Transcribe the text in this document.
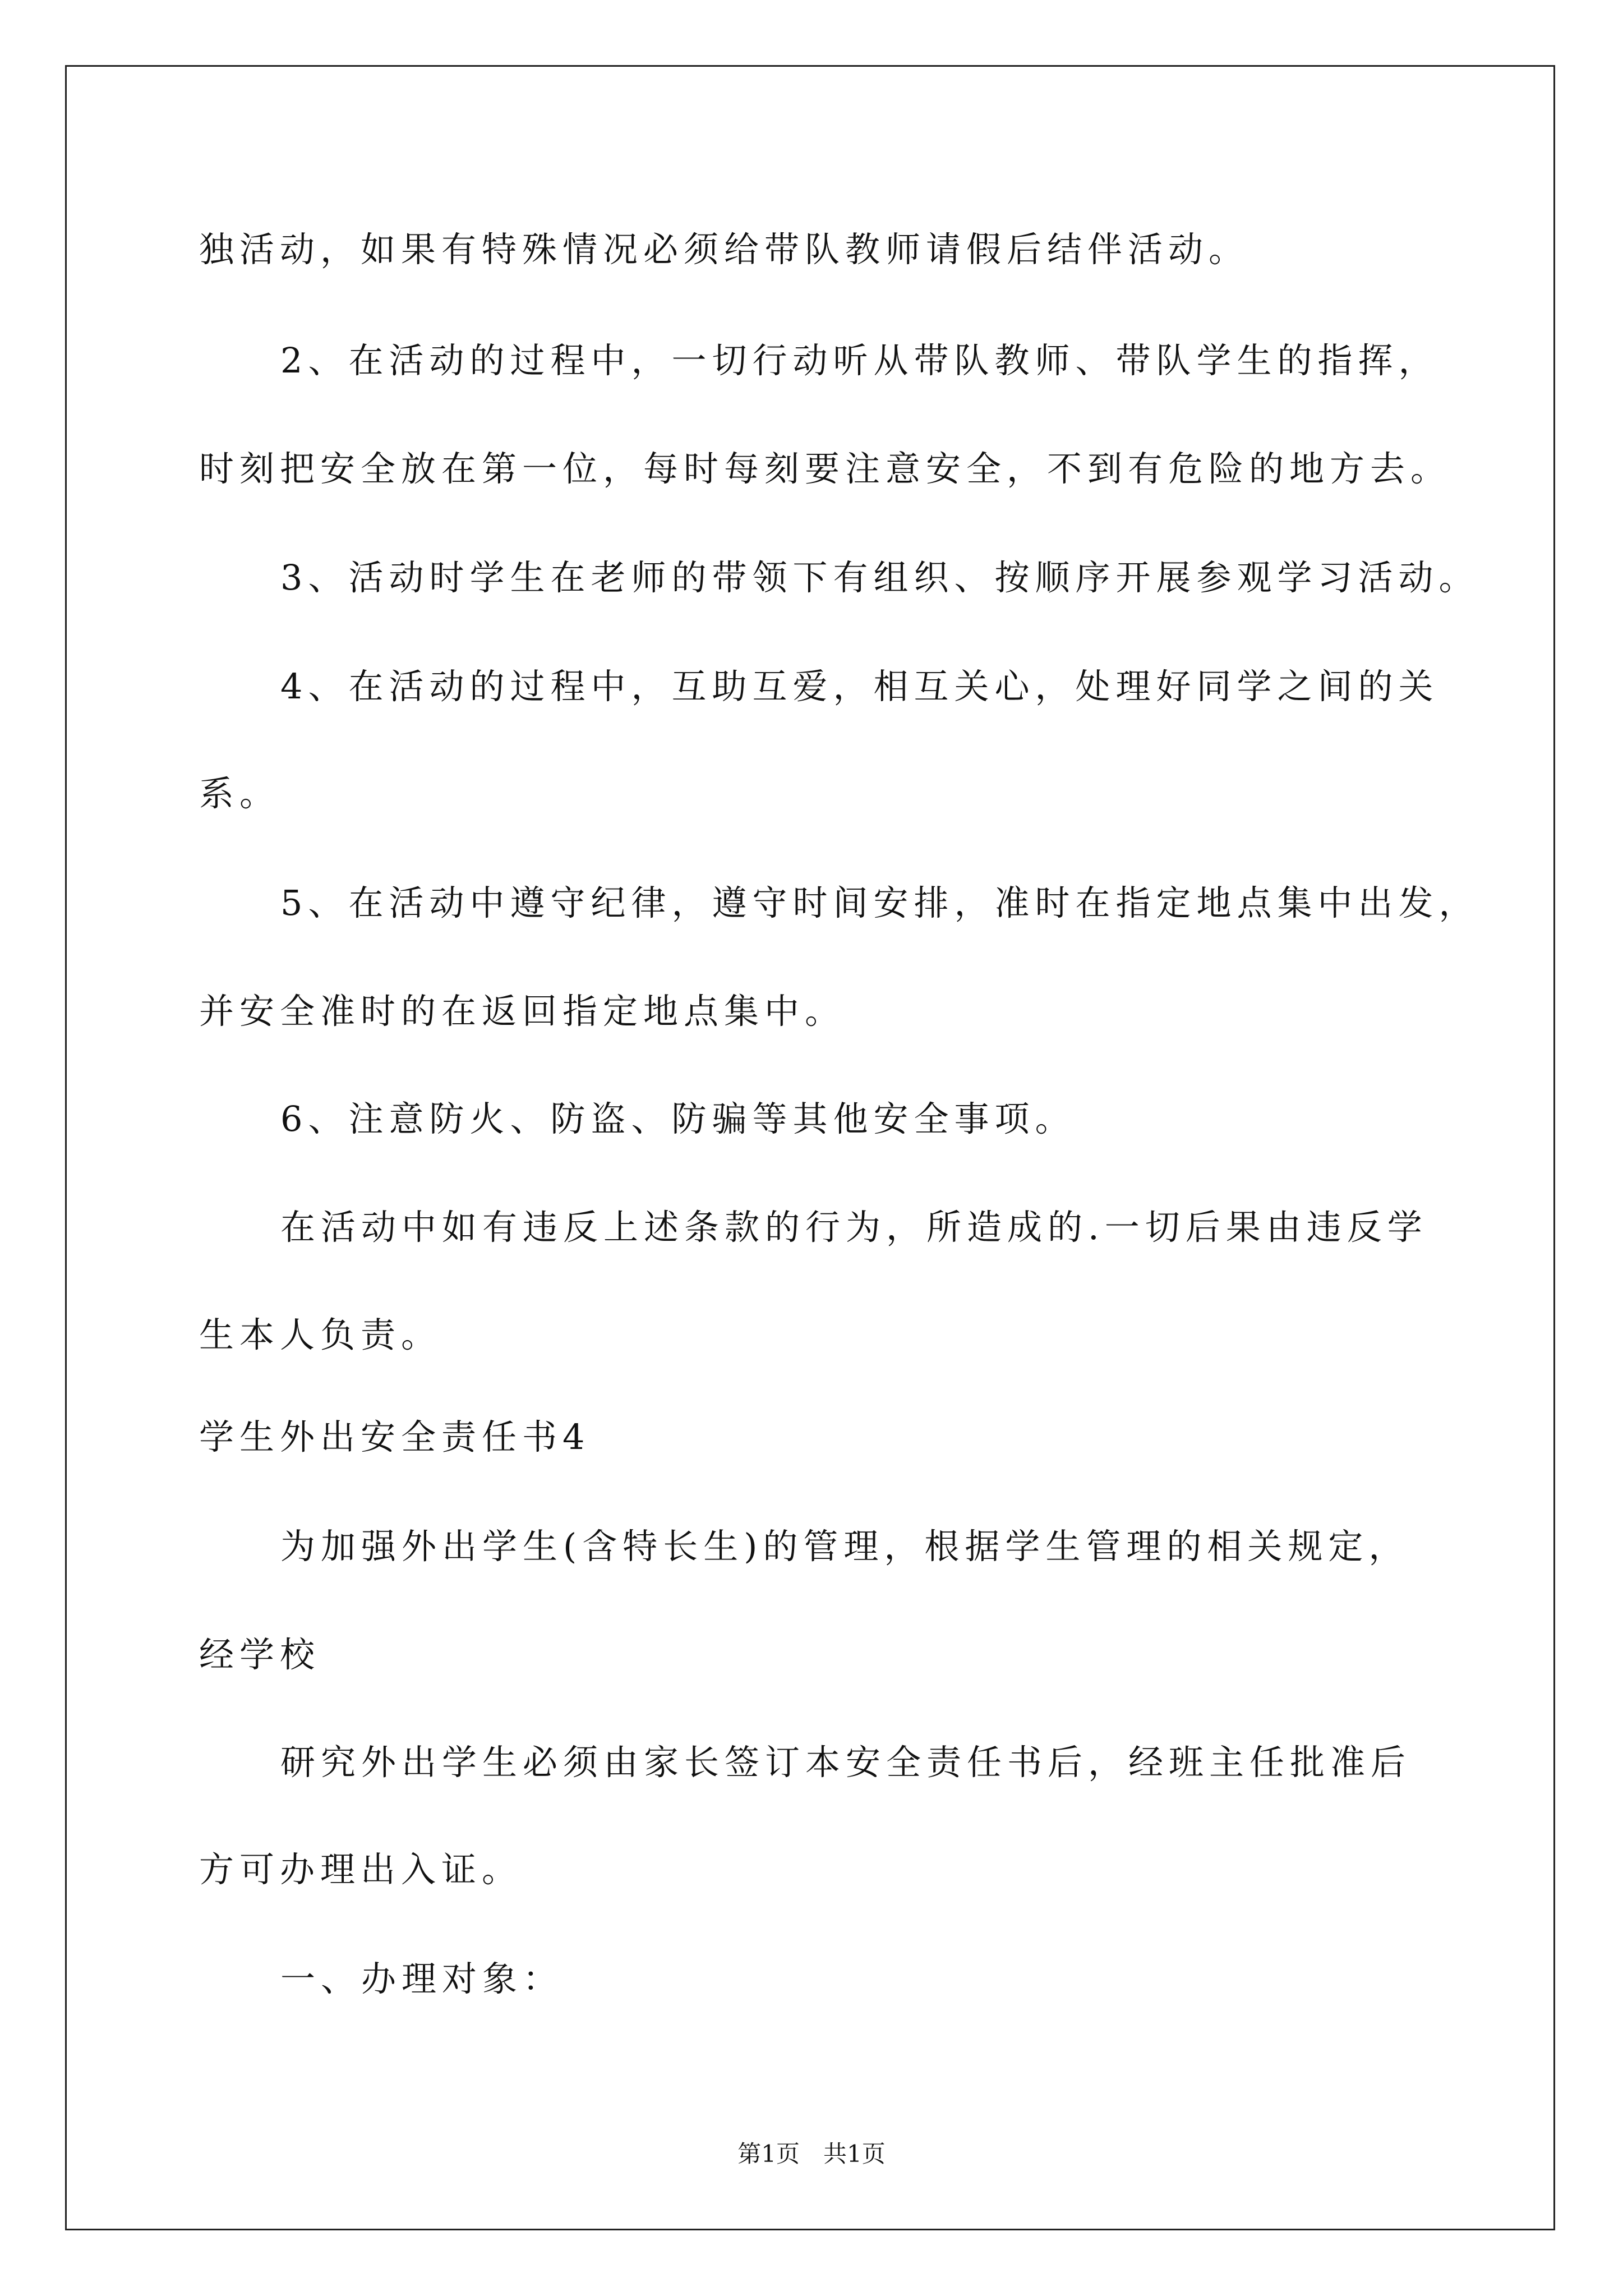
独活动，如果有特殊情况必须给带队教师请假后结伴活动。
2、在活动的过程中，一切行动听从带队教师、带队学生的指挥，
时刻把安全放在第一位，每时每刻要注意安全，不到有危险的地方去。
3、活动时学生在老师的带领下有组织、按顺序开展参观学习活动。
4、在活动的过程中，互助互爱，相互关心，处理好同学之间的关
系。
5、在活动中遵守纪律，遵守时间安排，准时在指定地点集中出发，
并安全准时的在返回指定地点集中。
6、注意防火、防盗、防骗等其他安全事项。
在活动中如有违反上述条款的行为，所造成的.一切后果由违反学
生本人负责。
学生外出安全责任书4
为加强外出学生(含特长生)的管理，根据学生管理的相关规定，
经学校
研究外出学生必须由家长签订本安全责任书后，经班主任批准后
方可办理出入证。
一、办理对象：
第1页　共1页
